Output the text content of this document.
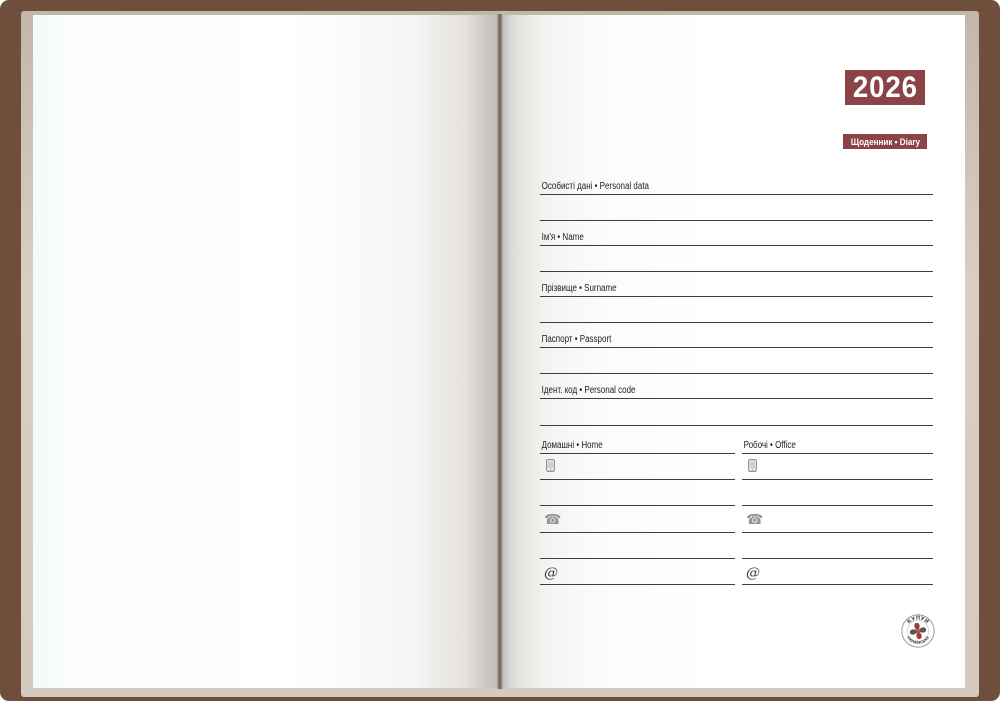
2026
Щоденник • Diary
Особисті дані • Personal data
Ім'я • Name
Прізвище • Surname
Паспорт • Passport
Ідент. код • Personal code
Домашні • Home
☎
@
Робочі • Office
☎
@
КУПУЙ
УКРАЇНСЬКЕ
